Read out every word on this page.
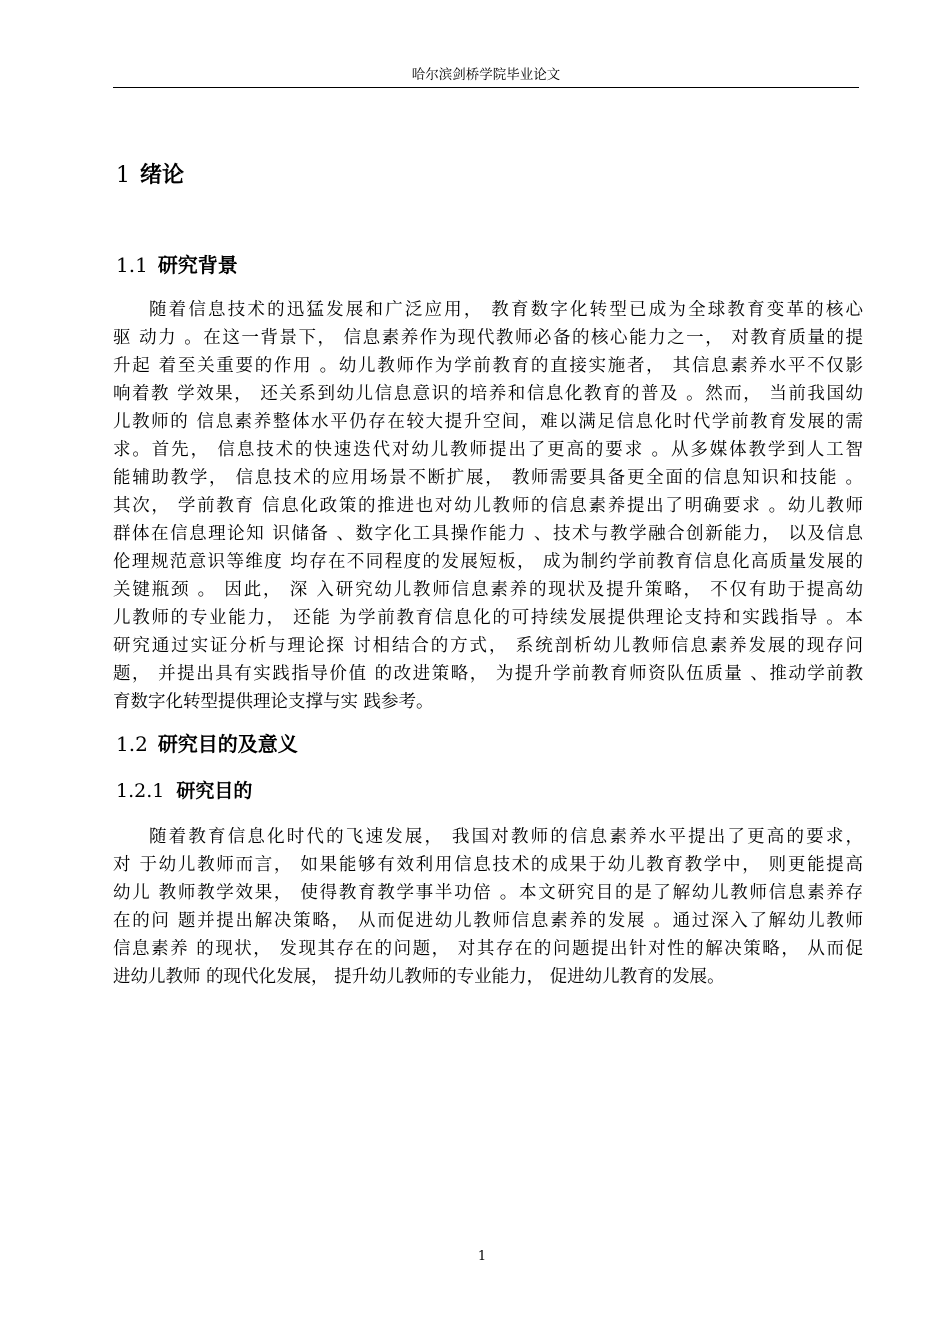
哈尔滨剑桥学院毕业论文
1 绪论
1.1 研究背景
随着信息技术的迅猛发展和广泛应用， 教育数字化转型已成为全球教育变革的核心
驱 动力 。在这一背景下， 信息素养作为现代教师必备的核心能力之一， 对教育质量的提
升起 着至关重要的作用 。幼儿教师作为学前教育的直接实施者， 其信息素养水平不仅影
响着教 学效果， 还关系到幼儿信息意识的培养和信息化教育的普及 。然而， 当前我国幼
儿教师的 信息素养整体水平仍存在较大提升空间，难以满足信息化时代学前教育发展的需
求。首先， 信息技术的快速迭代对幼儿教师提出了更高的要求 。从多媒体教学到人工智
能辅助教学， 信息技术的应用场景不断扩展， 教师需要具备更全面的信息知识和技能 。
其次， 学前教育 信息化政策的推进也对幼儿教师的信息素养提出了明确要求 。幼儿教师
群体在信息理论知 识储备 、数字化工具操作能力 、技术与教学融合创新能力， 以及信息
伦理规范意识等维度 均存在不同程度的发展短板， 成为制约学前教育信息化高质量发展的
关键瓶颈 。 因此， 深 入研究幼儿教师信息素养的现状及提升策略， 不仅有助于提高幼
儿教师的专业能力， 还能 为学前教育信息化的可持续发展提供理论支持和实践指导 。本
研究通过实证分析与理论探 讨相结合的方式， 系统剖析幼儿教师信息素养发展的现存问
题， 并提出具有实践指导价值 的改进策略， 为提升学前教育师资队伍质量 、推动学前教
育数字化转型提供理论支撑与实 践参考。
1.2 研究目的及意义
1.2.1 研究目的
随着教育信息化时代的飞速发展， 我国对教师的信息素养水平提出了更高的要求，
对 于幼儿教师而言， 如果能够有效利用信息技术的成果于幼儿教育教学中， 则更能提高
幼儿 教师教学效果， 使得教育教学事半功倍 。本文研究目的是了解幼儿教师信息素养存
在的问 题并提出解决策略， 从而促进幼儿教师信息素养的发展 。通过深入了解幼儿教师
信息素养 的现状， 发现其存在的问题， 对其存在的问题提出针对性的解决策略， 从而促
进幼儿教师 的现代化发展， 提升幼儿教师的专业能力， 促进幼儿教育的发展。
1
